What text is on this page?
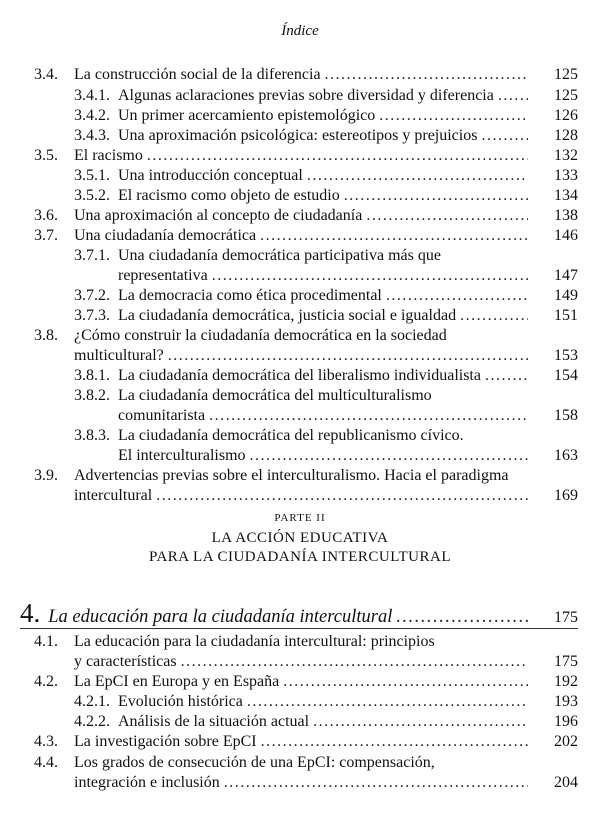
Índice
3.4.	La construcción social de la diferencia .....	125
3.4.1. Algunas aclaraciones previas sobre diversidad y diferencia .....	125
3.4.2. Un primer acercamiento epistemológico .....	126
3.4.3. Una aproximación psicológica: estereotipos y prejuicios .....	128
3.5.	El racismo .....	132
3.5.1. Una introducción conceptual .....	133
3.5.2. El racismo como objeto de estudio .....	134
3.6.	Una aproximación al concepto de ciudadanía .....	138
3.7.	Una ciudadanía democrática .....	146
3.7.1. Una ciudadanía democrática participativa más que
representativa .....	147
3.7.2. La democracia como ética procedimental .....	149
3.7.3. La ciudadanía democrática, justicia social e igualdad .....	151
3.8. ¿Cómo construir la ciudadanía democrática en la sociedad
multicultural? .....	153
3.8.1. La ciudadanía democrática del liberalismo individualista .....	154
3.8.2. La ciudadanía democrática del multiculturalismo
comunitarista .....	158
3.8.3. La ciudadanía democrática del republicanismo cívico.
El interculturalismo .....	163
3.9. Advertencias previas sobre el interculturalismo. Hacia el paradigma
intercultural .....	169
PARTE II
LA ACCIÓN EDUCATIVA
PARA LA CIUDADANÍA INTERCULTURAL
4. La educación para la ciudadanía intercultural .....	175
4.1. La educación para la ciudadanía intercultural: principios
y características .....	175
4.2.	La EpCI en Europa y en España .....	192
4.2.1. Evolución histórica .....	193
4.2.2. Análisis de la situación actual .....	196
4.3.	La investigación sobre EpCI .....	202
4.4. Los grados de consecución de una EpCI: compensación,
integración e inclusión .....	204
